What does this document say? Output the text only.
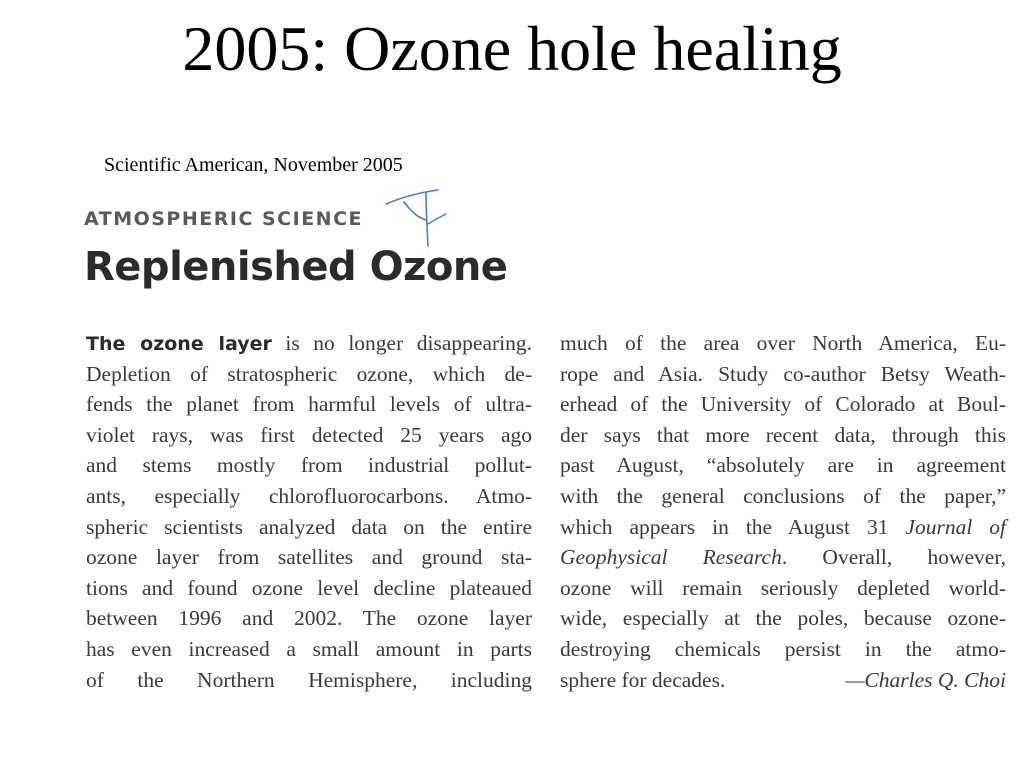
2005: Ozone hole healing
Scientific American, November 2005
ATMOSPHERIC SCIENCE
Replenished Ozone
The ozone layer is no longer disappearing.
Depletion of stratospheric ozone, which de-
fends the planet from harmful levels of ultra-
violet rays, was first detected 25 years ago
and stems mostly from industrial pollut-
ants, especially chlorofluorocarbons. Atmo-
spheric scientists analyzed data on the entire
ozone layer from satellites and ground sta-
tions and found ozone level decline plateaued
between 1996 and 2002. The ozone layer
has even increased a small amount in parts
of the Northern Hemisphere, including
much of the area over North America, Eu-
rope and Asia. Study co-author Betsy Weath-
erhead of the University of Colorado at Boul-
der says that more recent data, through this
past August, “absolutely are in agreement
with the general conclusions of the paper,”
which appears in the August 31 Journal of
Geophysical Research. Overall, however,
ozone will remain seriously depleted world-
wide, especially at the poles, because ozone-
destroying chemicals persist in the atmo-
sphere for decades.	—Charles Q. Choi
